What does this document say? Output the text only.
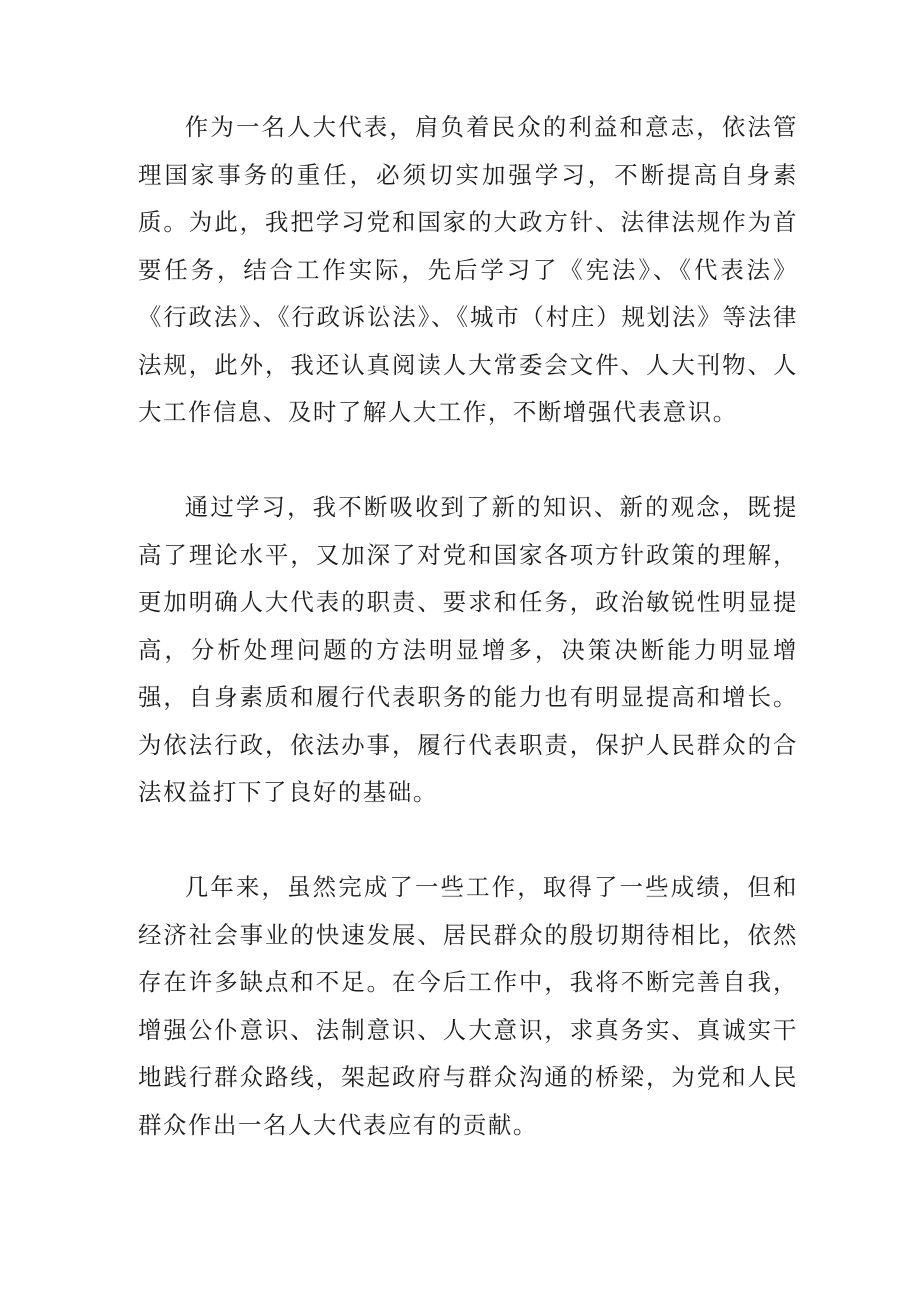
作为一名人大代表，肩负着民众的利益和意志，依法管理国家事务的重任，必须切实加强学习，不断提高自身素质。为此，我把学习党和国家的大政方针、法律法规作为首要任务，结合工作实际，先后学习了《宪法》、《代表法》《行政法》、《行政诉讼法》、《城市（村庄）规划法》等法律法规，此外，我还认真阅读人大常委会文件、人大刊物、人大工作信息、及时了解人大工作，不断增强代表意识。

通过学习，我不断吸收到了新的知识、新的观念，既提高了理论水平，又加深了对党和国家各项方针政策的理解，更加明确人大代表的职责、要求和任务，政治敏锐性明显提高，分析处理问题的方法明显增多，决策决断能力明显增强，自身素质和履行代表职务的能力也有明显提高和增长。为依法行政，依法办事，履行代表职责，保护人民群众的合法权益打下了良好的基础。

几年来，虽然完成了一些工作，取得了一些成绩，但和经济社会事业的快速发展、居民群众的殷切期待相比，依然存在许多缺点和不足。在今后工作中，我将不断完善自我，增强公仆意识、法制意识、人大意识，求真务实、真诚实干地践行群众路线，架起政府与群众沟通的桥梁，为党和人民群众作出一名人大代表应有的贡献。
